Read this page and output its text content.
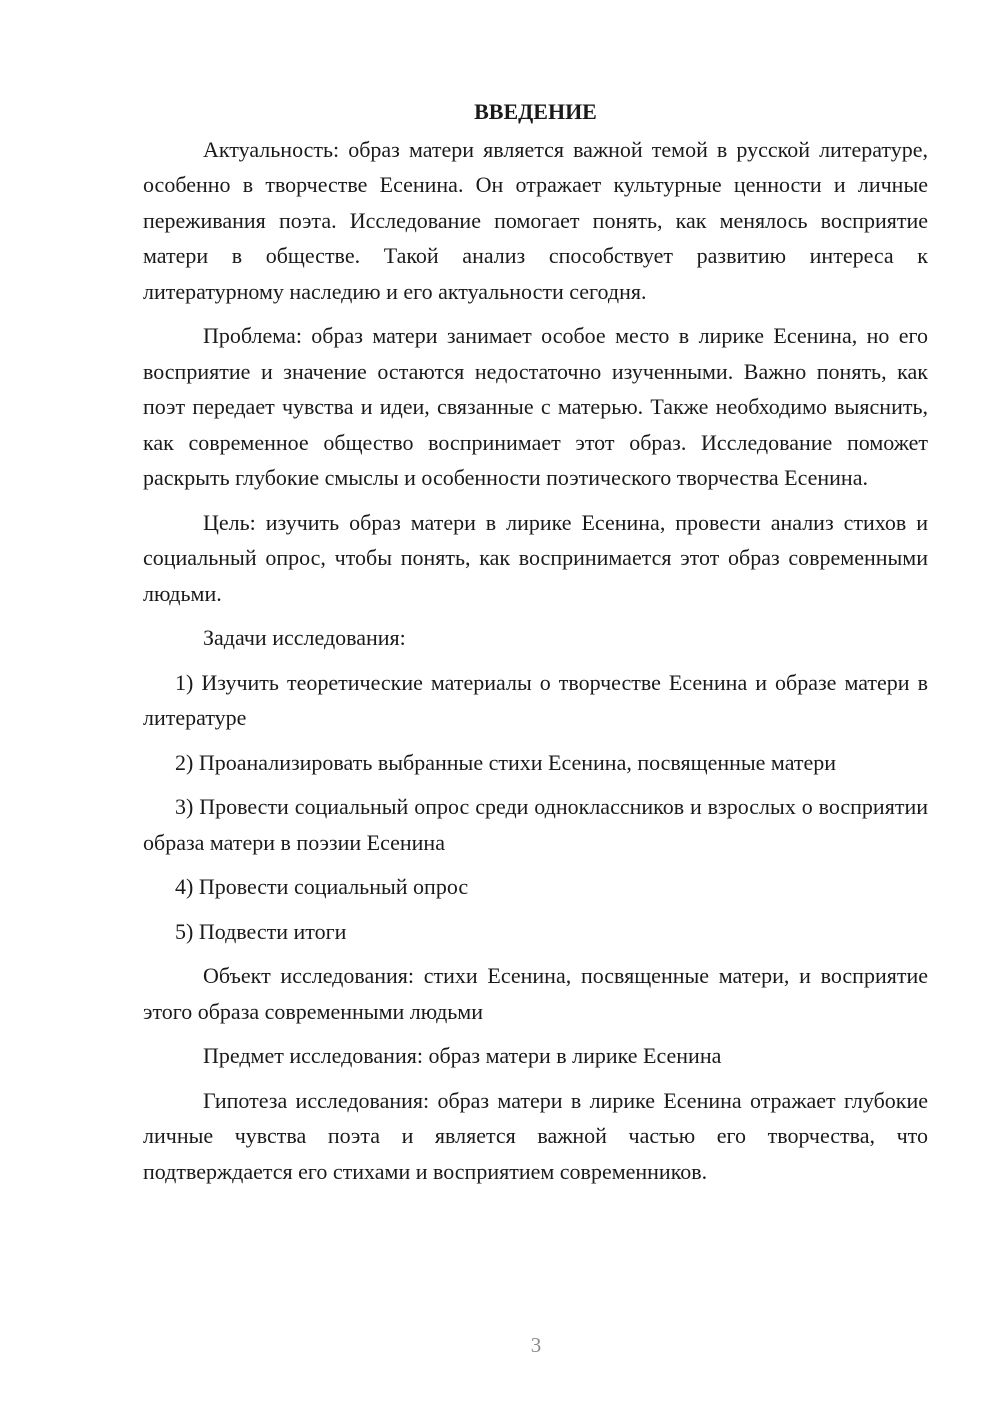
ВВЕДЕНИЕ

Актуальность: образ матери является важной темой в русской литературе, особенно в творчестве Есенина. Он отражает культурные ценности и личные переживания поэта. Исследование помогает понять, как менялось восприятие матери в обществе. Такой анализ способствует развитию интереса к литературному наследию и его актуальности сегодня.

Проблема: образ матери занимает особое место в лирике Есенина, но его восприятие и значение остаются недостаточно изученными. Важно понять, как поэт передает чувства и идеи, связанные с матерью. Также необходимо выяснить, как современное общество воспринимает этот образ. Исследование поможет раскрыть глубокие смыслы и особенности поэтического творчества Есенина.

Цель: изучить образ матери в лирике Есенина, провести анализ стихов и социальный опрос, чтобы понять, как воспринимается этот образ современными людьми.

Задачи исследования:

1) Изучить теоретические материалы о творчестве Есенина и образе матери в литературе

2) Проанализировать выбранные стихи Есенина, посвященные матери

3) Провести социальный опрос среди одноклассников и взрослых о восприятии образа матери в поэзии Есенина

4) Провести социальный опрос

5) Подвести итоги

Объект исследования: стихи Есенина, посвященные матери, и восприятие этого образа современными людьми

Предмет исследования: образ матери в лирике Есенина

Гипотеза исследования: образ матери в лирике Есенина отражает глубокие личные чувства поэта и является важной частью его творчества, что подтверждается его стихами и восприятием современников.

3
